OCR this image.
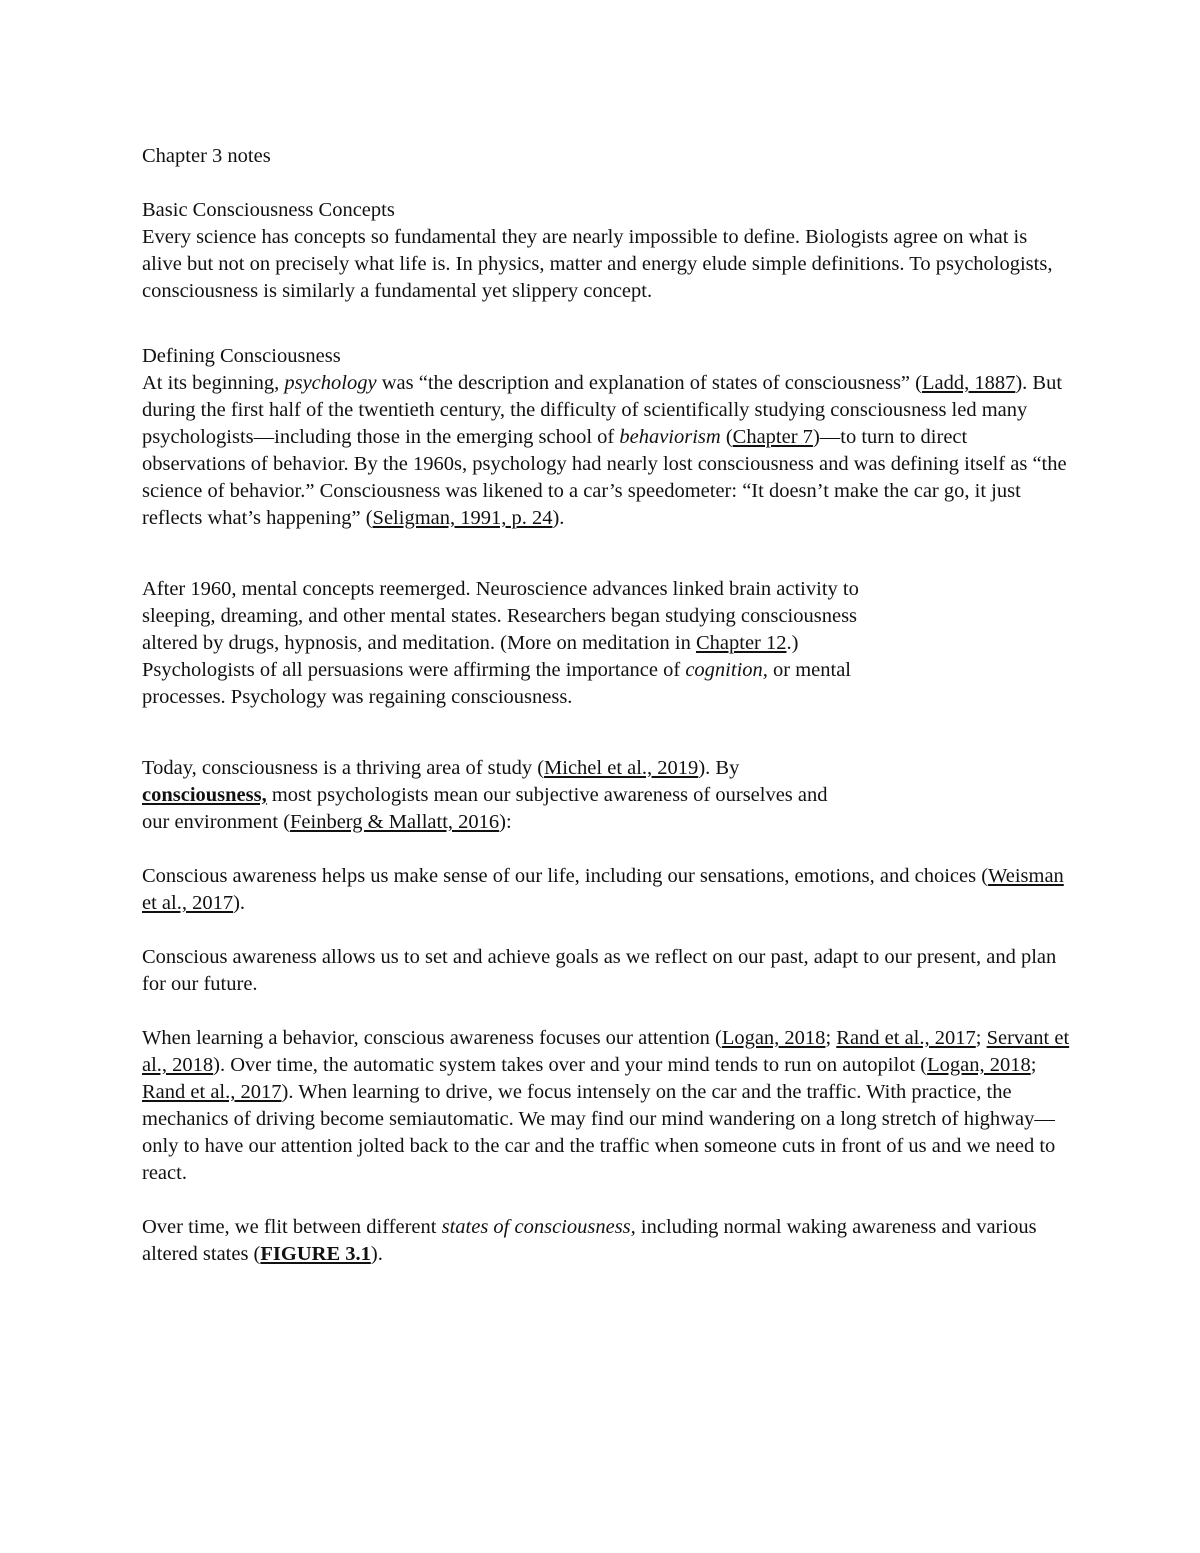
Chapter 3 notes

Basic Consciousness Concepts

Every science has concepts so fundamental they are nearly impossible to define. Biologists agree on what is alive but not on precisely what life is. In physics, matter and energy elude simple definitions. To psychologists, consciousness is similarly a fundamental yet slippery concept.

Defining Consciousness

At its beginning, psychology was “the description and explanation of states of consciousness” (Ladd, 1887). But during the first half of the twentieth century, the difficulty of scientifically studying consciousness led many psychologists—including those in the emerging school of behaviorism (Chapter 7)—to turn to direct observations of behavior. By the 1960s, psychology had nearly lost consciousness and was defining itself as “the science of behavior.” Consciousness was likened to a car’s speedometer: “It doesn’t make the car go, it just reflects what’s happening” (Seligman, 1991, p. 24).

After 1960, mental concepts reemerged. Neuroscience advances linked brain activity to sleeping, dreaming, and other mental states. Researchers began studying consciousness altered by drugs, hypnosis, and meditation. (More on meditation in Chapter 12.) Psychologists of all persuasions were affirming the importance of cognition, or mental processes. Psychology was regaining consciousness.

Today, consciousness is a thriving area of study (Michel et al., 2019). By consciousness, most psychologists mean our subjective awareness of ourselves and our environment (Feinberg & Mallatt, 2016):

Conscious awareness helps us make sense of our life, including our sensations, emotions, and choices (Weisman et al., 2017).

Conscious awareness allows us to set and achieve goals as we reflect on our past, adapt to our present, and plan for our future.

When learning a behavior, conscious awareness focuses our attention (Logan, 2018; Rand et al., 2017; Servant et al., 2018). Over time, the automatic system takes over and your mind tends to run on autopilot (Logan, 2018; Rand et al., 2017). When learning to drive, we focus intensely on the car and the traffic. With practice, the mechanics of driving become semiautomatic. We may find our mind wandering on a long stretch of highway—only to have our attention jolted back to the car and the traffic when someone cuts in front of us and we need to react.

Over time, we flit between different states of consciousness, including normal waking awareness and various altered states (FIGURE 3.1).
